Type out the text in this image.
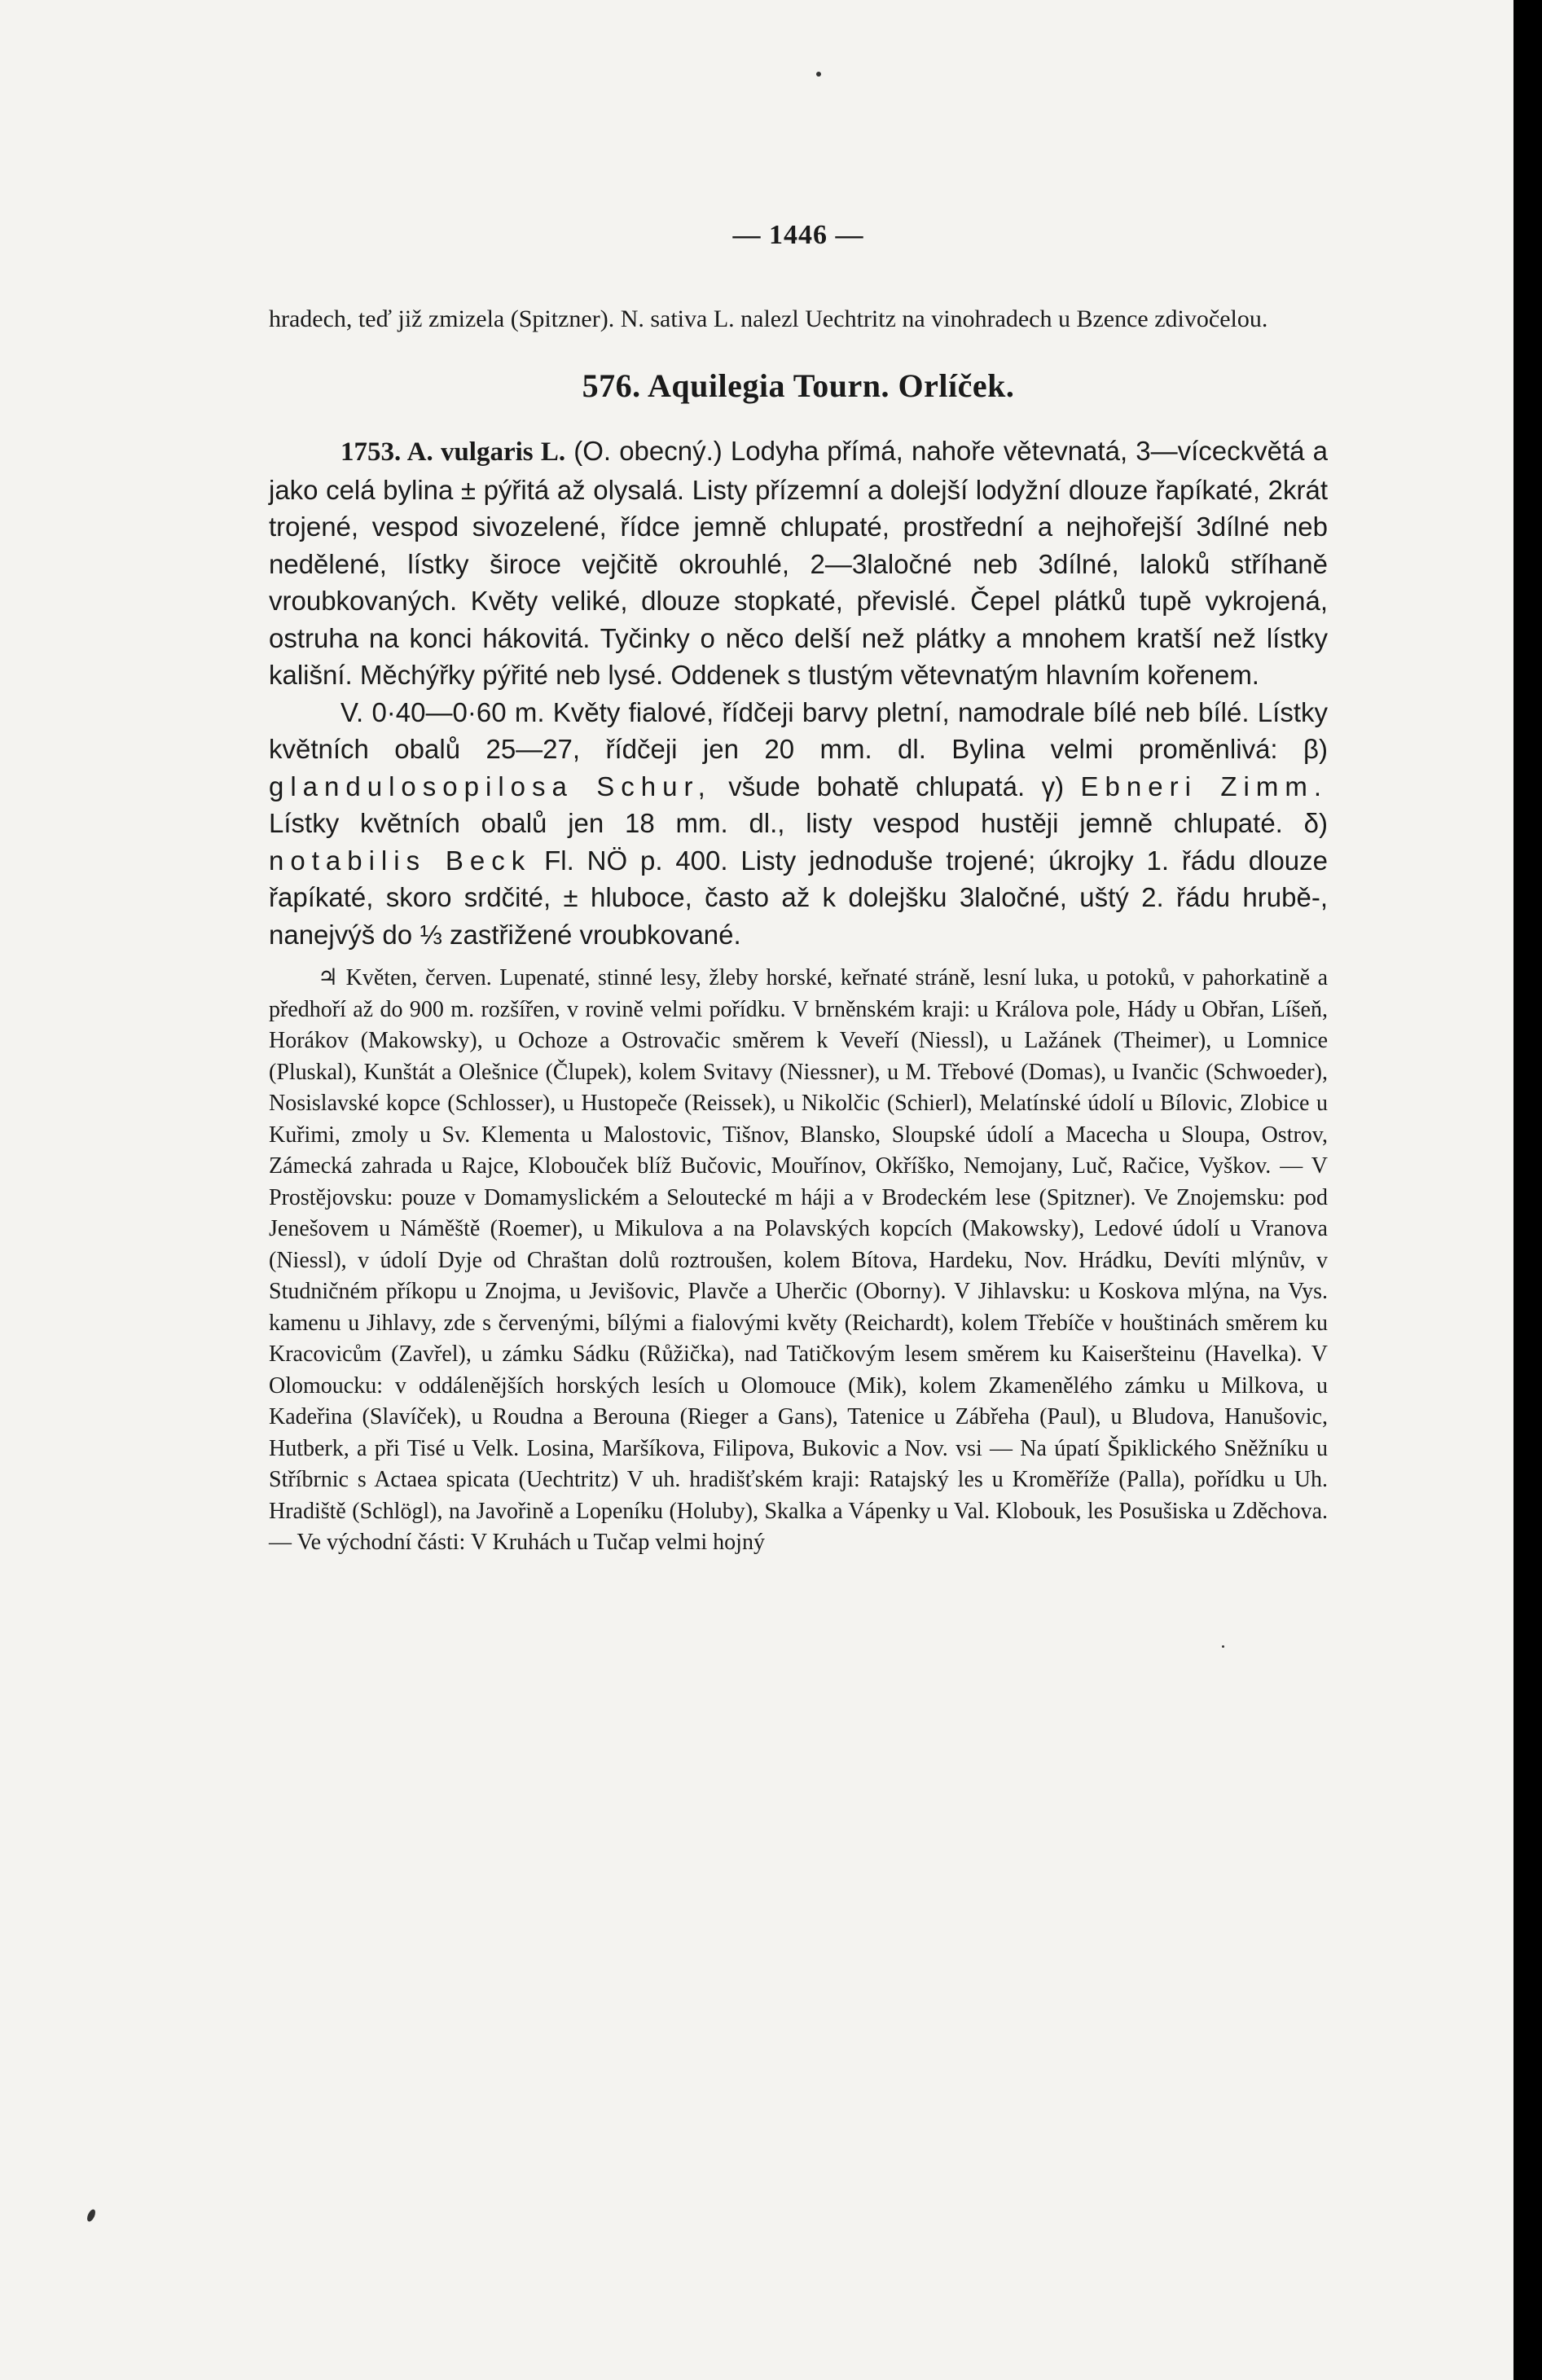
— 1446 —

hradech, teď již zmizela (Spitzner). N. sativa L. nalezl Uechtritz na vinohradech u Bzence zdivočelou.

576. Aquilegia Tourn. Orlíček.

1753. A. vulgaris L. (O. obecný.) Lodyha přímá, nahoře větevnatá, 3—víceckvětá a jako celá bylina ± pýřitá až olysalá. Listy přízemní a dolejší lodyžní dlouze řapíkaté, 2krát trojené, vespod sivozelené, řídce jemně chlupaté, prostřední a nejhořejší 3dílné neb nedělené, lístky široce vejčitě okrouhlé, 2—3laločné neb 3dílné, laloků stříhaně vroubkovaných. Květy veliké, dlouze stopkaté, převislé. Čepel plátků tupě vykrojená, ostruha na konci hákovitá. Tyčinky o něco delší než plátky a mnohem kratší než lístky kališní. Měchýřky pýřité neb lysé. Oddenek s tlustým větevnatým hlavním kořenem.

V. 0·40—0·60 m. Květy fialové, řídčeji barvy pletní, namodrale bílé neb bílé. Lístky květních obalů 25—27, řídčeji jen 20 mm. dl. Bylina velmi proměnlivá: β) glandulosopilosa Schur, všude bohatě chlupatá. γ) Ebneri Zimm. Lístky květních obalů jen 18 mm. dl., listy vespod hustěji jemně chlupaté. δ) notabilis Beck Fl. NÖ p. 400. Listy jednoduše trojené; úkrojky 1. řádu dlouze řapíkaté, skoro srdčité, ± hluboce, často až k dolejšku 3laločné, uštý 2. řádu hrubě-, nanejvýš do ⅓ zastřižené vroubkované.

♃ Květen, červen. Lupenaté, stinné lesy, žleby horské, keřnaté stráně, lesní luka, u potoků, v pahorkatině a předhoří až do 900 m. rozšířen, v rovině velmi pořídku. V brněnském kraji: u Králova pole, Hády u Obřan, Líšeň, Horákov (Makowsky), u Ochoze a Ostrovačic směrem k Veveří (Niessl), u Lažánek (Theimer), u Lomnice (Pluskal), Kunštát a Olešnice (Člupek), kolem Svitavy (Niessner), u M. Třebové (Domas), u Ivančic (Schwoeder), Nosislavské kopce (Schlosser), u Hustopeče (Reissek), u Nikolčic (Schierl), Melatínské údolí u Bílovic, Zlobice u Kuřimi, zmoly u Sv. Klementa u Malostovic, Tišnov, Blansko, Sloupské údolí a Macecha u Sloupa, Ostrov, Zámecká zahrada u Rajce, Klobouček blíž Bučovic, Mouřínov, Okříško, Nemojany, Luč, Račice, Vyškov. — V Prostějovsku: pouze v Domamyslickém a Seloutecké m háji a v Brodeckém lese (Spitzner). Ve Znojemsku: pod Jenešovem u Náměště (Roemer), u Mikulova a na Polavských kopcích (Makowsky), Ledové údolí u Vranova (Niessl), v údolí Dyje od Chraštan dolů roztroušen, kolem Bítova, Hardeku, Nov. Hrádku, Devíti mlýnův, v Studničném příkopu u Znojma, u Jevišovic, Plavče a Uherčic (Oborny). V Jihlavsku: u Koskova mlýna, na Vys. kamenu u Jihlavy, zde s červenými, bílými a fialovými květy (Reichardt), kolem Třebíče v houštinách směrem ku Kracovicům (Zavřel), u zámku Sádku (Růžička), nad Tatičkovým lesem směrem ku Kaiseršteinu (Havelka). V Olomoucku: v oddálenějších horských lesích u Olomouce (Mik), kolem Zkamenělého zámku u Milkova, u Kadeřina (Slavíček), u Roudna a Berouna (Rieger a Gans), Tatenice u Zábřeha (Paul), u Bludova, Hanušovic, Hutberk, a při Tisé u Velk. Losina, Maršíkova, Filipova, Bukovic a Nov. vsi — Na úpatí Špiklického Sněžníku u Stříbrnic s Actaea spicata (Uechtritz) V uh. hradišťském kraji: Ratajský les u Kroměříže (Palla), pořídku u Uh. Hradiště (Schlögl), na Javořině a Lopeníku (Holuby), Skalka a Vápenky u Val. Klobouk, les Posušiska u Zděchova. — Ve východní části: V Kruhách u Tučap velmi hojný
